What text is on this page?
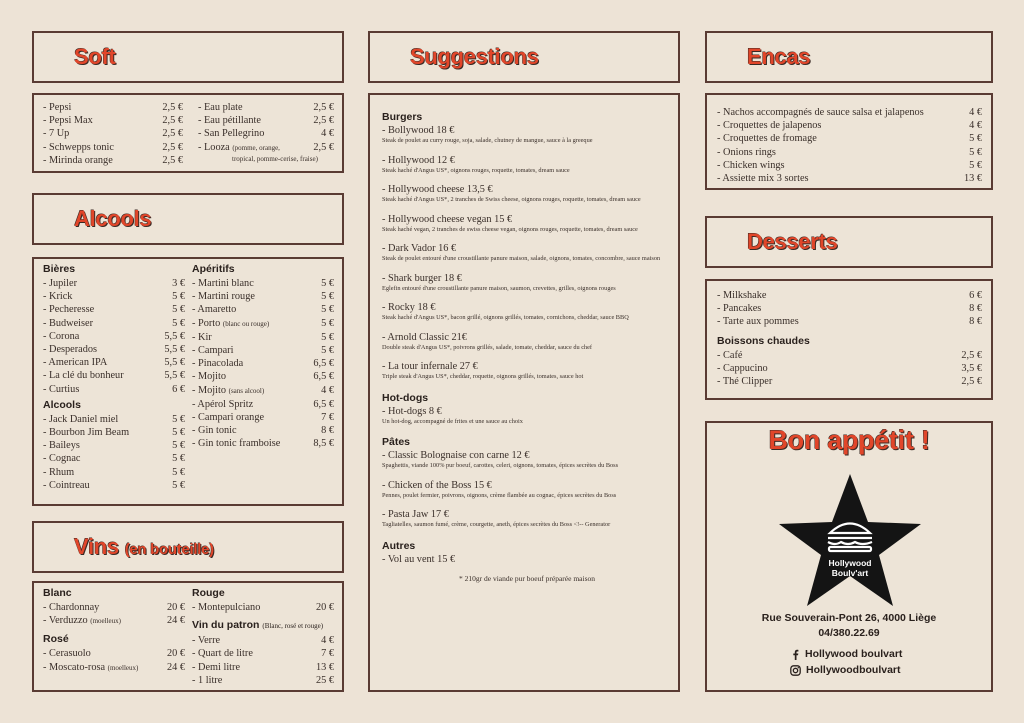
Soft
- Pepsi	2,5 €
- Pepsi Max	2,5 €
- 7 Up	2,5 €
- Schwepps tonic	2,5 €
- Mirinda orange	2,5 €
- Eau plate	2,5 €
- Eau pétillante	2,5 €
- San Pellegrino	4 €
- Looza (pomme, orange,	2,5 €
tropical, pomme-cerise, fraise)
Alcools
Bières
- Jupiler	3 €
- Krick	5 €
- Pecheresse	5 €
- Budweiser	5 €
- Corona	5,5 €
- Desperados	5,5 €
- American IPA	5,5 €
- La clé du bonheur	5,5 €
- Curtius	6 €
Alcools
- Jack Daniel miel	5 €
- Bourbon Jim Beam	5 €
- Baileys	5 €
- Cognac	5 €
- Rhum	5 €
- Cointreau	5 €
Apéritifs
- Martini blanc	5 €
- Martini rouge	5 €
- Amaretto	5 €
- Porto (blanc ou rouge)	5 €
- Kir	5 €
- Campari	5 €
- Pinacolada	6,5 €
- Mojito	6,5 €
- Mojito (sans alcool)	4 €
- Apérol Spritz	6,5 €
- Campari orange	7 €
- Gin tonic	8 €
- Gin tonic framboise	8,5 €
Vins (en bouteille)
Blanc
- Chardonnay	20 €
- Verduzzo (moelleux)	24 €
Rosé
- Cerasuolo	20 €
- Moscato-rosa (moelleux)	24 €
Rouge
- Montepulciano	20 €
Vin du patron (Blanc, rosé et rouge)
- Verre	4 €
- Quart de litre	7 €
- Demi litre	13 €
- 1 litre	25 €
Suggestions
Burgers
- Bollywood 18 €
Steak de poulet au curry rouge, soja, salade, chutney de mangue, sauce à la greeque
- Hollywood 12 €
Steak haché d'Angus US*, oignons rouges, roquette, tomates, dream sauce
- Hollywood cheese 13,5 €
Steak haché d'Angus US*, 2 tranches de Swiss cheese, oignons rouges, roquette, tomates, dream sauce
- Hollywood cheese vegan 15 €
Steak haché vegan, 2 tranches de swiss cheese vegan, oignons rouges, roquette, tomates, dream sauce
- Dark Vador 16 €
Steak de poulet entouré d'une croustillante panure maison, salade, oignons, tomates, concombre, sauce maison
- Shark burger 18 €
Eglefin entouré d'une croustillante panure maison, saumon, crevettes, grilles, oignons rouges
- Rocky 18 €
Steak haché d'Angus US*, bacon grillé, oignons grillés, tomates, cornichons, cheddar, sauce BBQ
- Arnold Classic 21€
Double steak d'Angus US*, poivrons grillés, salade, tomate, cheddar, sauce du chef
- La tour infernale 27 €
Triple steak d'Angus US*, cheddar, roquette, oignons grillés, tomates, sauce hot
Hot-dogs
- Hot-dogs 8 €
Un hot-dog, accompagné de frites et une sauce au choix
Pâtes
- Classic Bolognaise con carne 12 €
Spaghettis, viande 100% pur boeuf, carottes, celeri, oignons, tomates, épices secrètes du Boss
- Chicken of the Boss 15 €
Pennes, poulet fermier, poivrons, oignons, crème flambée au cognac, épices secrètes du Boss
- Pasta Jaw 17 €
Tagliatelles, saumon fumé, crème, courgette, aneth, épices secrètes du Boss <!-- Generator
Autres
- Vol au vent 15 €
* 210gr de viande pur boeuf préparée maison
Encas
- Nachos accompagnés de sauce salsa et jalapenos	4 €
- Croquettes de jalapenos	4 €
- Croquettes de fromage	5 €
- Onions rings	5 €
- Chicken wings	5 €
- Assiette mix 3 sortes	13 €
Desserts
- Milkshake	6 €
- Pancakes	8 €
- Tarte aux pommes	8 €
Boissons chaudes
- Café	2,5 €
- Cappucino	3,5 €
- Thé Clipper	2,5 €
Bon appétit !
Hollywood
Boulv'art
Rue Souverain-Pont 26, 4000 Liège
04/380.22.69
Hollywood boulvart
Hollywoodboulvart
